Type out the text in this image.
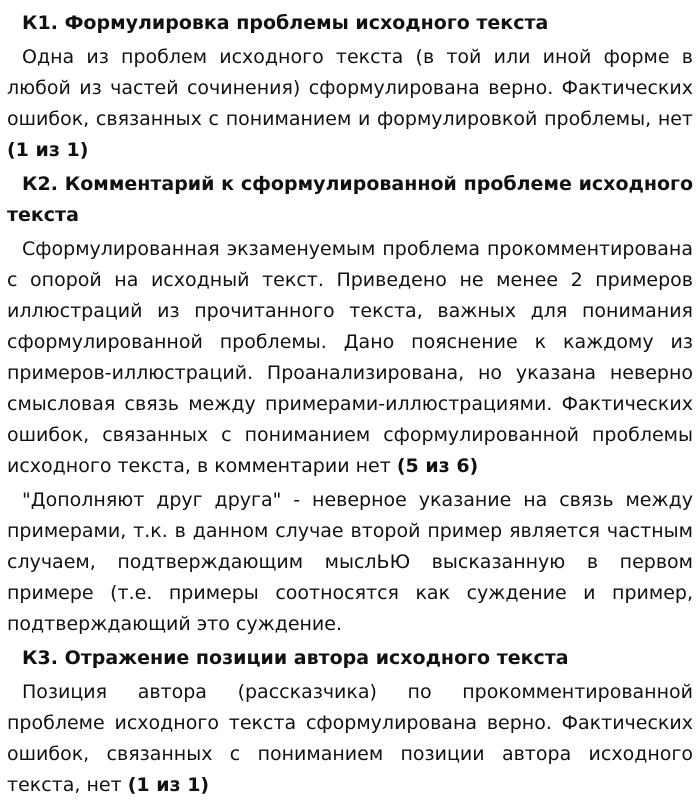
К1. Формулировка проблемы исходного текста

Одна из проблем исходного текста (в той или иной форме в любой из частей сочинения) сформулирована верно. Фактических ошибок, связанных с пониманием и формулировкой проблемы, нет (1 из 1)

К2. Комментарий к сформулированной проблеме исходного текста

Сформулированная экзаменуемым проблема прокомментирована с опорой на исходный текст. Приведено не менее 2 примеров иллюстраций из прочитанного текста, важных для понимания сформулированной проблемы. Дано пояснение к каждому из примеров-иллюстраций. Проанализирована, но указана неверно смысловая связь между примерами-иллюстрациями. Фактических ошибок, связанных с пониманием сформулированной проблемы исходного текста, в комментарии нет (5 из 6)

"Дополняют друг друга" - неверное указание на связь между примерами, т.к. в данном случае второй пример является частным случаем, подтверждающим мыслЬЮ высказанную в первом примере (т.е. примеры соотносятся как суждение и пример, подтверждающий это суждение.

К3. Отражение позиции автора исходного текста

Позиция автора (рассказчика) по прокомментированной проблеме исходного текста сформулирована верно. Фактических ошибок, связанных с пониманием позиции автора исходного текста, нет (1 из 1)
